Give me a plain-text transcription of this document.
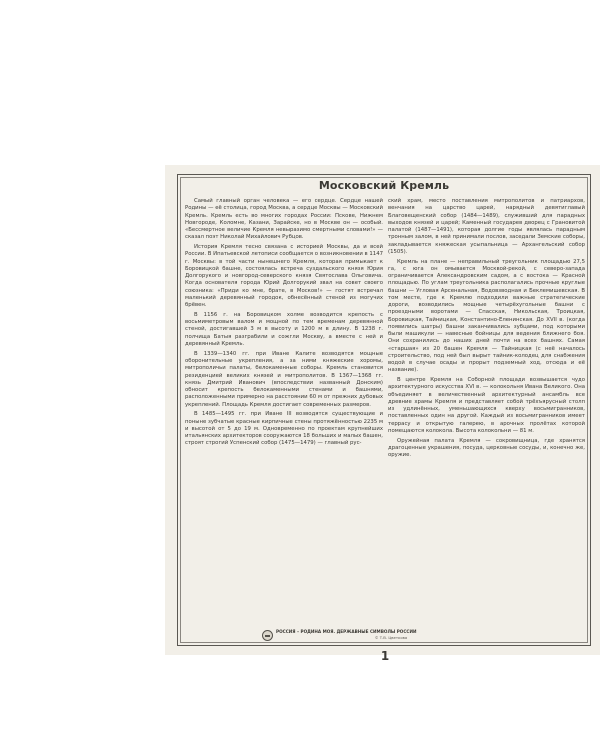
Московский Кремль

Самый главный орган человека — его сердце. Сердце нашей Родины — её столица, город Москва, а сердце Москвы — Московский Кремль. Кремль есть во многих городах России: Пскове, Нижнем Новгороде, Коломне, Казани, Зарайске, но в Москве он — особый. «Бессмертное величие Кремля невыразимо смертными словами!» — сказал поэт Николай Михайлович Рубцов.

История Кремля тесно связана с историей Москвы, да и всей России. В Ипатьевской летописи сообщается о возникновении в 1147 г. Москвы: в той части нынешнего Кремля, которая примыкает к Боровицкой башне, состоялась встреча суздальского князя Юрия Долгорукого и новгород-северского князя Святослава Ольговича. Когда основателя города Юрий Долгорукий звал на совет своего союзника: «Приди ко мне, брате, в Москов!» — гостят встречал маленький деревянный городок, обнесённый стеной из могучих брёвен.

В 1156 г. на Боровицком холме возводится крепость с восьмиметровым валом и мощной по тем временам деревянной стеной, достигавшей 3 м в высоту и 1200 м в длину. В 1238 г. полчища Батыя разграбили и сожгли Москву, а вместе с ней и деревянный Кремль.

В 1339—1340 гг. при Иване Калите возводятся мощные оборонительные укрепления, а за ними княжеские хоромы, митрополичьи палаты, белокаменные соборы. Кремль становится резиденцией великих князей и митрополитов. В 1367—1368 гг. князь Дмитрий Иванович (впоследствии названный Донским) обносит крепость белокаменными стенами и башнями, расположенными примерно на расстоянии 60 м от прежних дубовых укреплений. Площадь Кремля достигает современных размеров.

В 1485—1495 гг. при Иване III возводятся существующие и поныне зубчатые красные кирпичные стены протяжённостью 2235 м и высотой от 5 до 19 м. Одновременно по проектам крупнейших итальянских архитекторов сооружаются 18 больших и малых башен, строят строгий Успенский собор (1475—1479) — главный рус-

ский храм, место поставления митрополитов и патриархов, венчания на царство царей, нарядный девятиглавый Благовещенский собор (1484—1489), служивший для парадных выходов князей и царей; Каменный государев дворец с Грановитой палатой (1487—1491), которая долгие годы являлась парадным тронным залом, в ней принимали послов, заседали Земские соборы, закладывается княжеская усыпальница — Архангельский собор (1505).

Кремль на плане — неправильный треугольник площадью 27,5 га, с юга он омывается Москвой-рекой, с северо-запада ограничивается Александровским садом, а с востока — Красной площадью. По углам треугольника располагались прочные круглые башни — Угловая Арсенальная, Водовзводная и Беклемишевская. В том месте, где к Кремлю подходили важные стратегические дороги, возводились мощные четырёхугольные башни с проездными воротами — Спасская, Никольская, Троицкая, Боровицкая, Тайницкая, Константино-Еленинская. До XVII в. (когда появились шатры) башни заканчивались зубцами, под которыми были машикули — навесные бойницы для ведения ближнего боя. Они сохранились до наших дней почти на всех башнях. Самая «старшая» из 20 башен Кремля — Тайницкая (с неё началось строительство, под ней был вырыт тайник-колодец для снабжения водой в случае осады и прорыт подземный ход, отсюда и её название).

В центре Кремля на Соборной площади возвышается чудо архитектурного искусства XVI в. — колокольня Ивана Великого. Она объединяет в величественный архитектурный ансамбль все древние храмы Кремля и представляет собой трёхъярусный столп из удлинённых, уменьшающихся кверху восьмигранников, поставленных один на другой. Каждый из восьмигранников имеет террасу и открытую галерею, в арочных пролётах которой помещаются колокола. Высота колокольни — 81 м.

Оружейная палата Кремля — сокровищница, где хранятся драгоценные украшения, посуда, церковные сосуды, и, конечно же, оружие.

РОССИЯ – РОДИНА МОЯ. ДЕРЖАВНЫЕ СИМВОЛЫ РОССИИ
© Т.В. Цветкова
1
